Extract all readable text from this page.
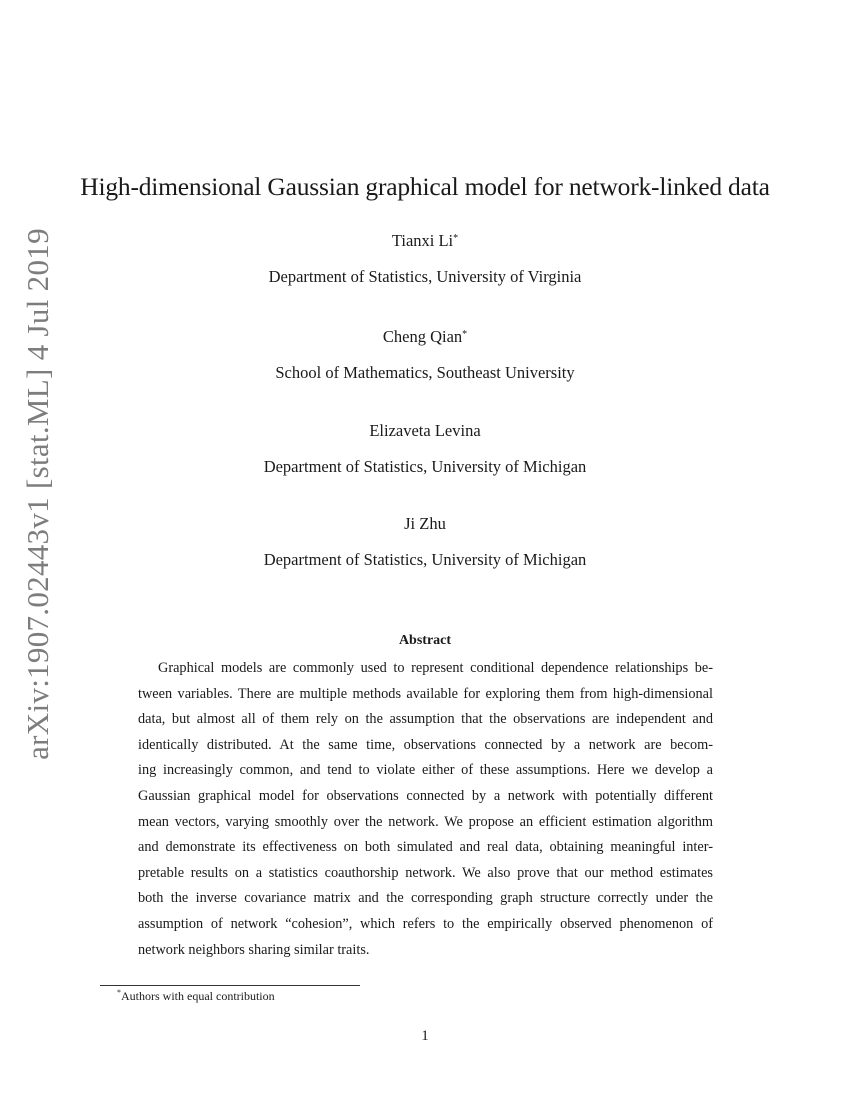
arXiv:1907.02443v1 [stat.ML] 4 Jul 2019
High-dimensional Gaussian graphical model for network-linked data
Tianxi Li*
Department of Statistics, University of Virginia
Cheng Qian*
School of Mathematics, Southeast University
Elizaveta Levina
Department of Statistics, University of Michigan
Ji Zhu
Department of Statistics, University of Michigan
Abstract
Graphical models are commonly used to represent conditional dependence relationships be-
tween variables. There are multiple methods available for exploring them from high-dimensional
data, but almost all of them rely on the assumption that the observations are independent and
identically distributed. At the same time, observations connected by a network are becom-
ing increasingly common, and tend to violate either of these assumptions. Here we develop a
Gaussian graphical model for observations connected by a network with potentially different
mean vectors, varying smoothly over the network. We propose an efficient estimation algorithm
and demonstrate its effectiveness on both simulated and real data, obtaining meaningful inter-
pretable results on a statistics coauthorship network. We also prove that our method estimates
both the inverse covariance matrix and the corresponding graph structure correctly under the
assumption of network “cohesion”, which refers to the empirically observed phenomenon of
network neighbors sharing similar traits.
*Authors with equal contribution
1
